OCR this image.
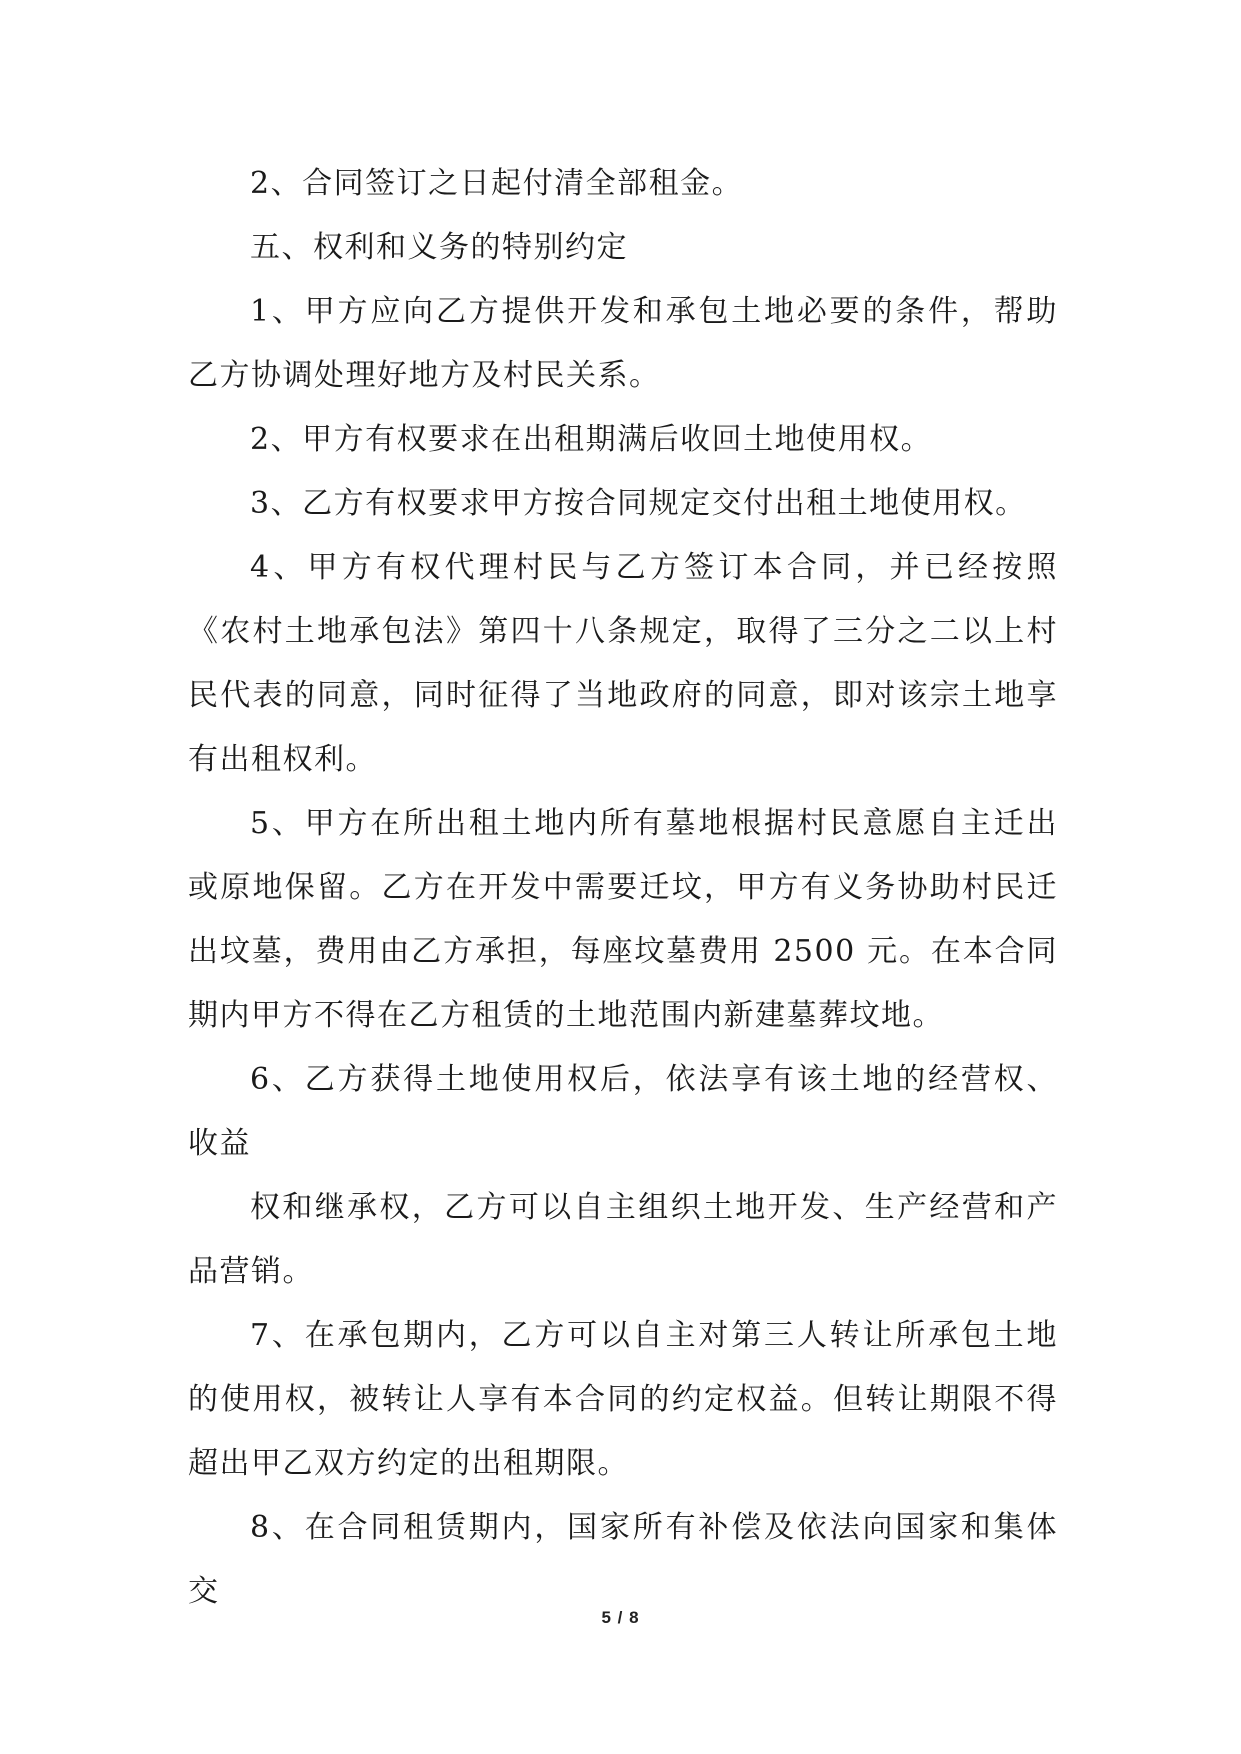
2、合同签订之日起付清全部租金。

五、权利和义务的特别约定

1、甲方应向乙方提供开发和承包土地必要的条件，帮助乙方协调处理好地方及村民关系。

2、甲方有权要求在出租期满后收回土地使用权。

3、乙方有权要求甲方按合同规定交付出租土地使用权。

4、甲方有权代理村民与乙方签订本合同，并已经按照《农村土地承包法》第四十八条规定，取得了三分之二以上村民代表的同意，同时征得了当地政府的同意，即对该宗土地享有出租权利。

5、甲方在所出租土地内所有墓地根据村民意愿自主迁出或原地保留。乙方在开发中需要迁坟，甲方有义务协助村民迁出坟墓，费用由乙方承担，每座坟墓费用 2500 元。在本合同期内甲方不得在乙方租赁的土地范围内新建墓葬坟地。

6、乙方获得土地使用权后，依法享有该土地的经营权、收益

权和继承权，乙方可以自主组织土地开发、生产经营和产品营销。

7、在承包期内，乙方可以自主对第三人转让所承包土地的使用权，被转让人享有本合同的约定权益。但转让期限不得超出甲乙双方约定的出租期限。

8、在合同租赁期内，国家所有补偿及依法向国家和集体交

5 / 8
